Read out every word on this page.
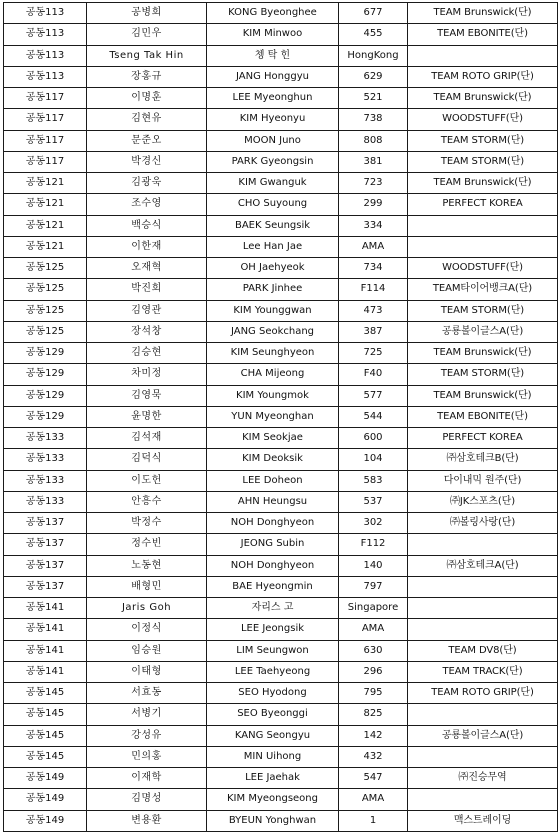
공동113	공병희	KONG Byeonghee	677	TEAM Brunswick(단)
공동113	김민우	KIM Minwoo	455	TEAM EBONITE(단)
공동113	Tseng Tak Hin	쳉 탁 힌	HongKong	
공동113	장홍규	JANG Honggyu	629	TEAM ROTO GRIP(단)
공동117	이명훈	LEE Myeonghun	521	TEAM Brunswick(단)
공동117	김현유	KIM Hyeonyu	738	WOODSTUFF(단)
공동117	문준오	MOON Juno	808	TEAM STORM(단)
공동117	박경신	PARK Gyeongsin	381	TEAM STORM(단)
공동121	김광욱	KIM Gwanguk	723	TEAM Brunswick(단)
공동121	조수영	CHO Suyoung	299	PERFECT KOREA
공동121	백승식	BAEK Seungsik	334	
공동121	이한재	Lee Han Jae	AMA	
공동125	오재혁	OH Jaehyeok	734	WOODSTUFF(단)
공동125	박진희	PARK Jinhee	F114	TEAM타이어뱅크A(단)
공동125	김영관	KIM Younggwan	473	TEAM STORM(단)
공동125	장석창	JANG Seokchang	387	공룡볼이글스A(단)
공동129	김승현	KIM Seunghyeon	725	TEAM Brunswick(단)
공동129	차미정	CHA Mijeong	F40	TEAM STORM(단)
공동129	김영묵	KIM Youngmok	577	TEAM Brunswick(단)
공동129	윤명한	YUN Myeonghan	544	TEAM EBONITE(단)
공동133	김석재	KIM Seokjae	600	PERFECT KOREA
공동133	김덕식	KIM Deoksik	104	㈜삼호테크B(단)
공동133	이도헌	LEE Doheon	583	다이내믹 원주(단)
공동133	안흥수	AHN Heungsu	537	㈜JK스포츠(단)
공동137	박정수	NOH Donghyeon	302	㈜볼링사랑(단)
공동137	정수빈	JEONG Subin	F112	
공동137	노동현	NOH Donghyeon	140	㈜삼호테크A(단)
공동137	배형민	BAE Hyeongmin	797	
공동141	Jaris Goh	자리스 고	Singapore	
공동141	이정식	LEE Jeongsik	AMA	
공동141	임승원	LIM Seungwon	630	TEAM DV8(단)
공동141	이태형	LEE Taehyeong	296	TEAM TRACK(단)
공동145	서효동	SEO Hyodong	795	TEAM ROTO GRIP(단)
공동145	서병기	SEO Byeonggi	825	
공동145	강성유	KANG Seongyu	142	공룡볼이글스A(단)
공동145	민의홍	MIN Uihong	432	
공동149	이재학	LEE Jaehak	547	㈜진승무역
공동149	김명성	KIM Myeongseong	AMA	
공동149	변용환	BYEUN Yonghwan	1	맥스트레이딩
